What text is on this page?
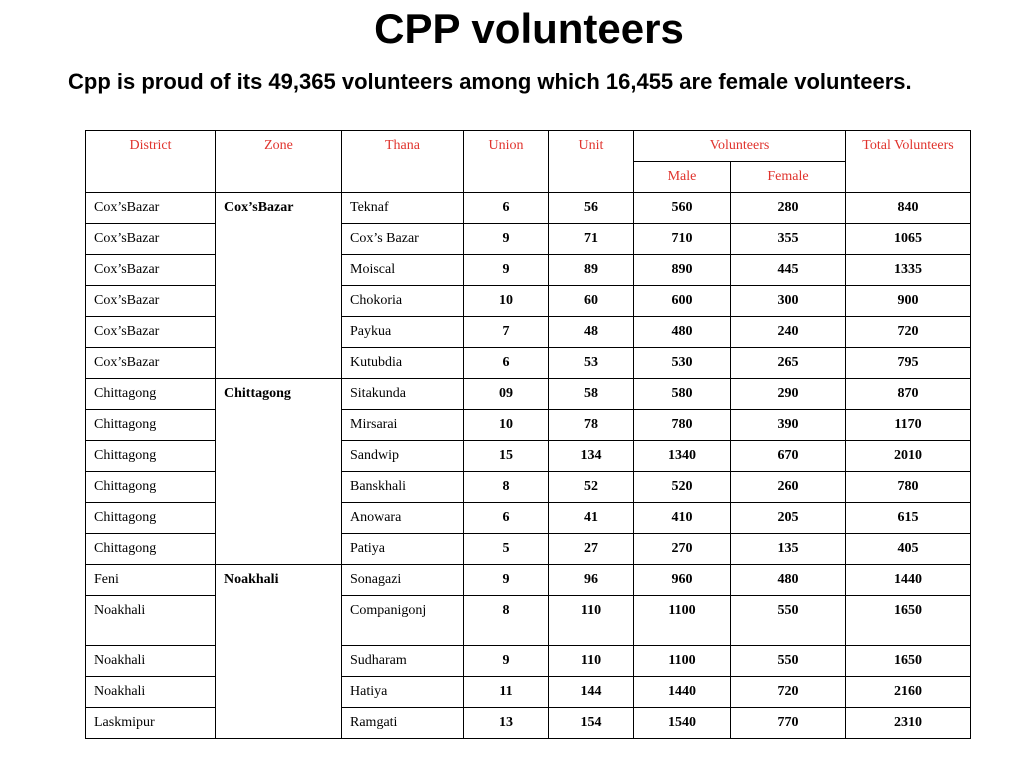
CPP volunteers
Cpp is proud of its 49,365 volunteers among which 16,455 are female volunteers.
District	Zone	Thana	Union	Unit	Volunteers		Total Volunteers
					Male	Female	
Cox’sBazar	Cox’sBazar	Teknaf	6	56	560	280	840
Cox’sBazar		Cox’s Bazar	9	71	710	355	1065
Cox’sBazar		Moiscal	9	89	890	445	1335
Cox’sBazar		Chokoria	10	60	600	300	900
Cox’sBazar		Paykua	7	48	480	240	720
Cox’sBazar		Kutubdia	6	53	530	265	795
Chittagong	Chittagong	Sitakunda	09	58	580	290	870
Chittagong		Mirsarai	10	78	780	390	1170
Chittagong		Sandwip	15	134	1340	670	2010
Chittagong		Banskhali	8	52	520	260	780
Chittagong		Anowara	6	41	410	205	615
Chittagong		Patiya	5	27	270	135	405
Feni	Noakhali	Sonagazi	9	96	960	480	1440
Noakhali		Companigonj	8	110	1100	550	1650
Noakhali		Sudharam	9	110	1100	550	1650
Noakhali		Hatiya	11	144	1440	720	2160
Laskmipur		Ramgati	13	154	1540	770	2310
